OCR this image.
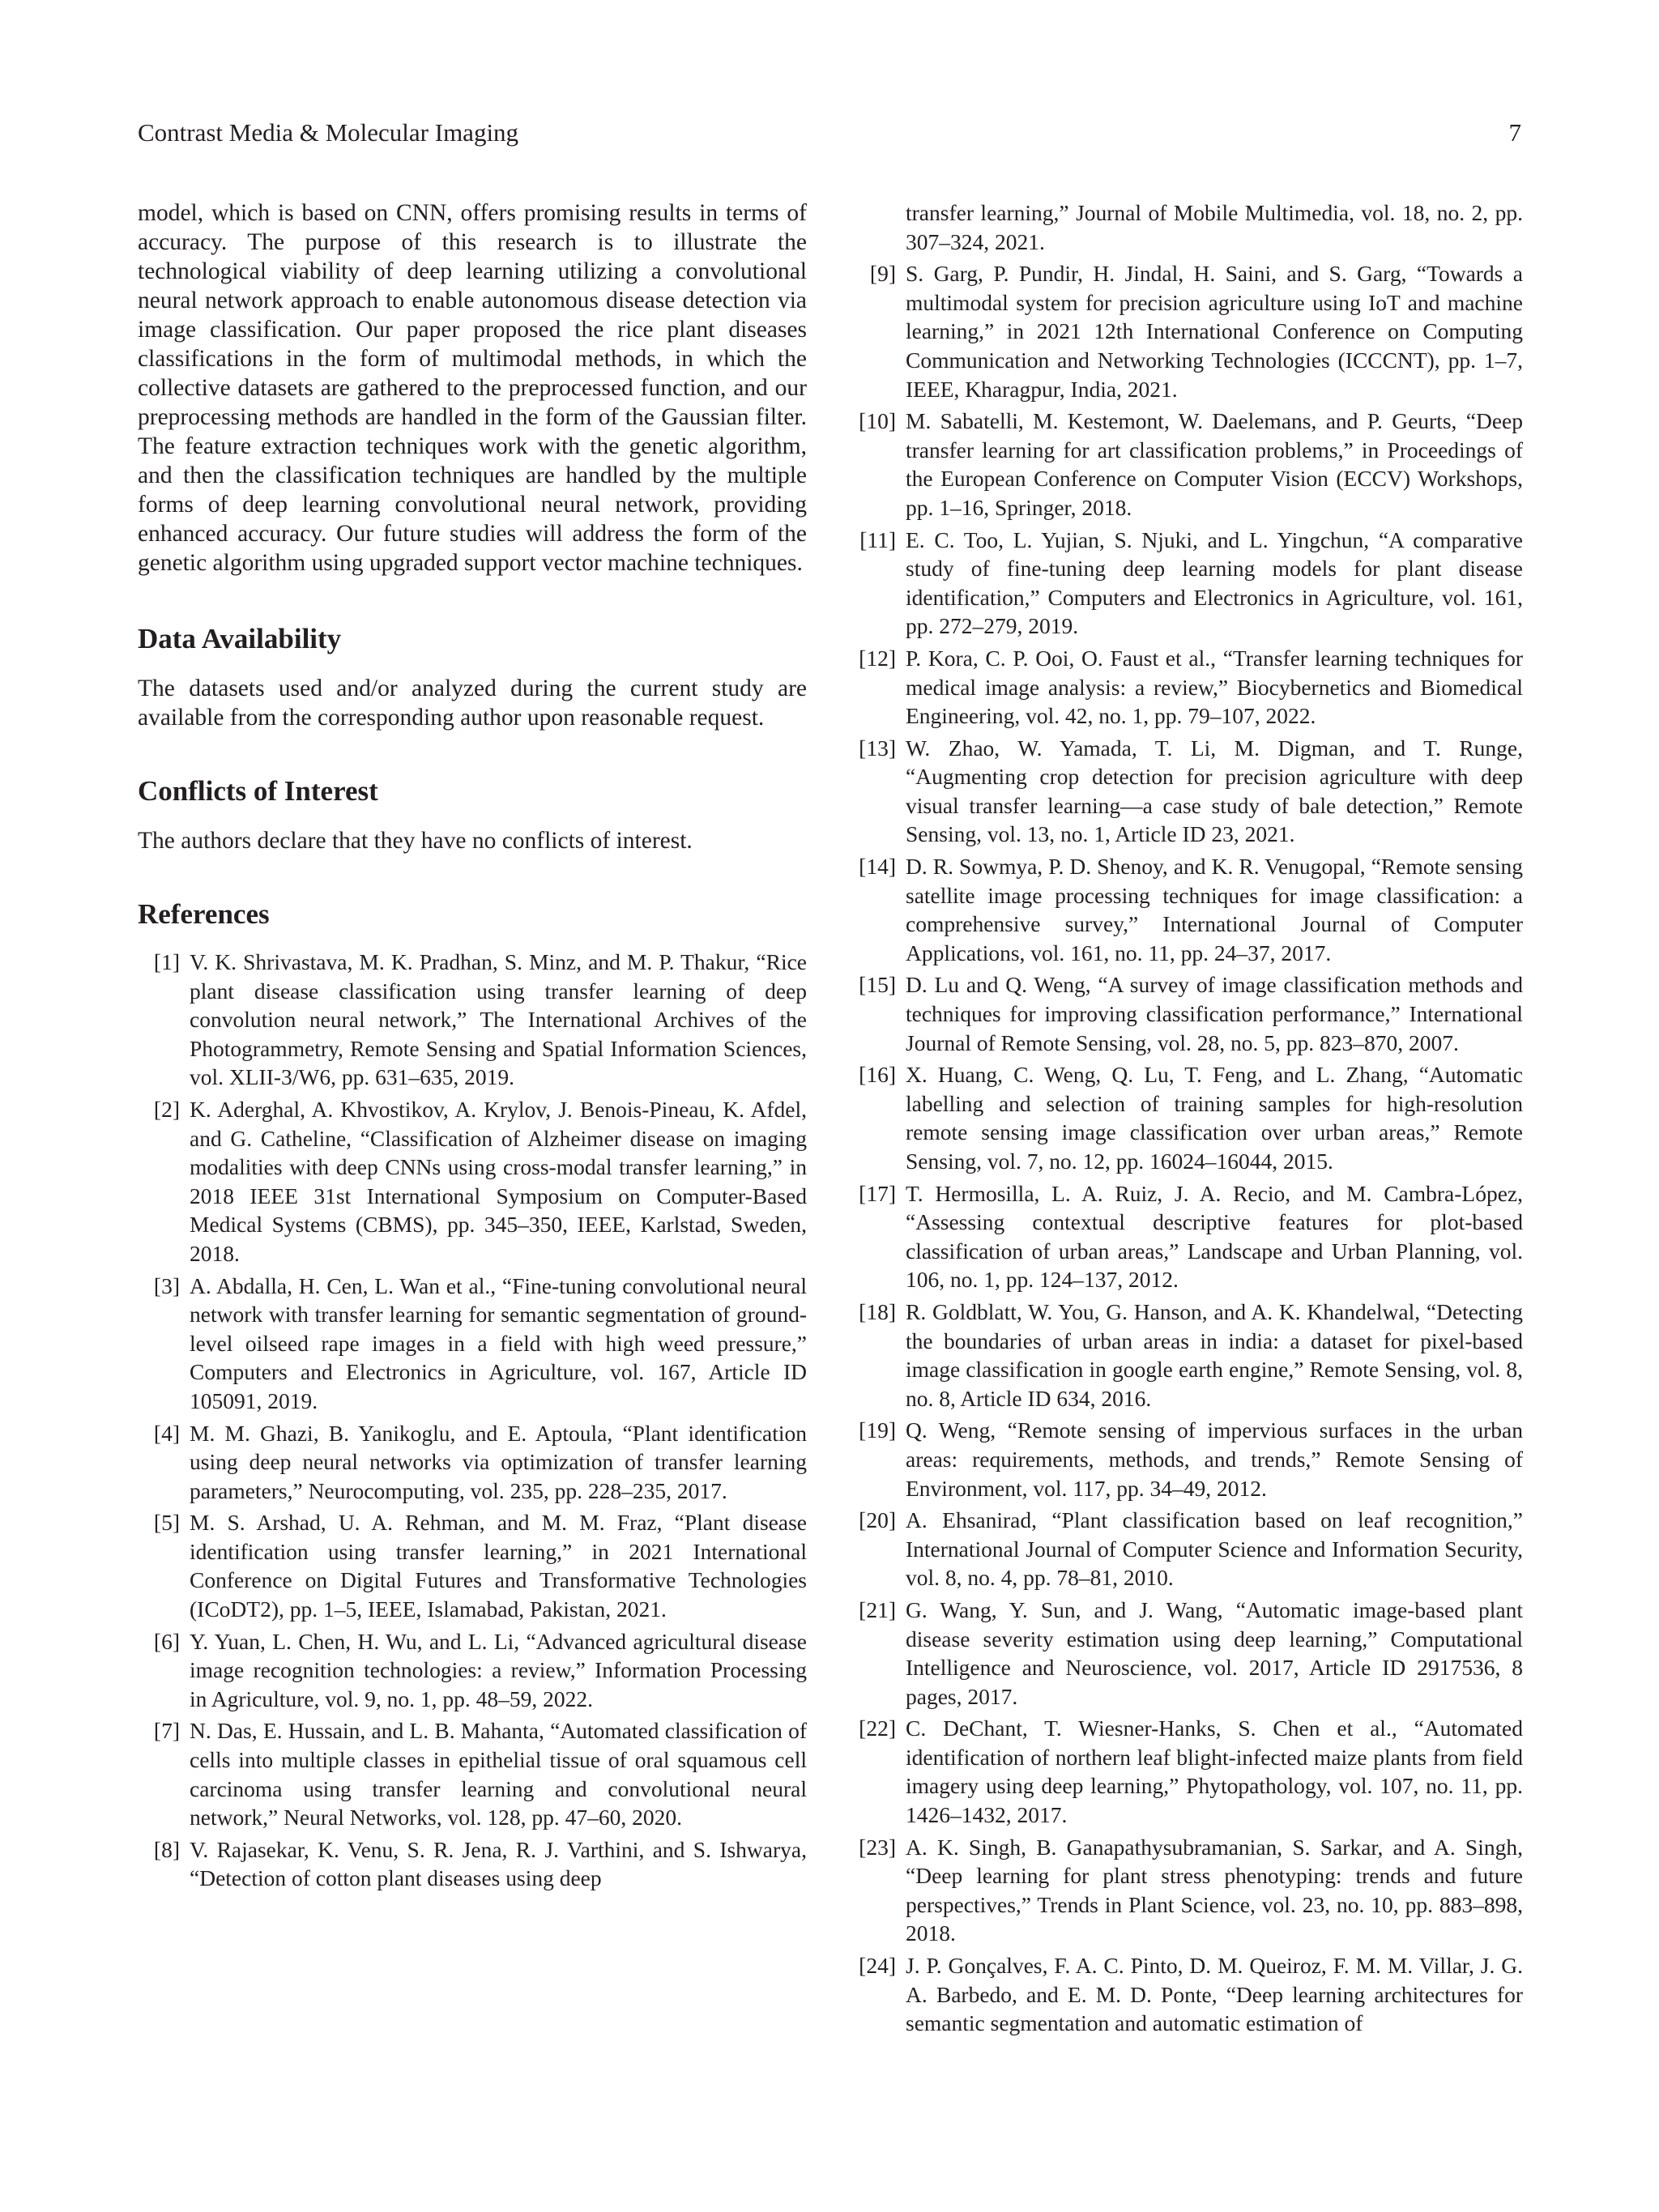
Contrast Media & Molecular Imaging	7

model, which is based on CNN, offers promising results in terms of accuracy. The purpose of this research is to illustrate the technological viability of deep learning utilizing a convolutional neural network approach to enable autonomous disease detection via image classification. Our paper proposed the rice plant diseases classifications in the form of multimodal methods, in which the collective datasets are gathered to the preprocessed function, and our preprocessing methods are handled in the form of the Gaussian filter. The feature extraction techniques work with the genetic algorithm, and then the classification techniques are handled by the multiple forms of deep learning convolutional neural network, providing enhanced accuracy. Our future studies will address the form of the genetic algorithm using upgraded support vector machine techniques.

Data Availability

The datasets used and/or analyzed during the current study are available from the corresponding author upon reasonable request.

Conflicts of Interest

The authors declare that they have no conflicts of interest.

References
[1] V. K. Shrivastava, M. K. Pradhan, S. Minz, and M. P. Thakur, “Rice plant disease classification using transfer learning of deep convolution neural network,” The International Archives of the Photogrammetry, Remote Sensing and Spatial Information Sciences, vol. XLII-3/W6, pp. 631–635, 2019.
[2] K. Aderghal, A. Khvostikov, A. Krylov, J. Benois-Pineau, K. Afdel, and G. Catheline, “Classification of Alzheimer disease on imaging modalities with deep CNNs using cross-modal transfer learning,” in 2018 IEEE 31st International Symposium on Computer-Based Medical Systems (CBMS), pp. 345–350, IEEE, Karlstad, Sweden, 2018.
[3] A. Abdalla, H. Cen, L. Wan et al., “Fine-tuning convolutional neural network with transfer learning for semantic segmentation of ground-level oilseed rape images in a field with high weed pressure,” Computers and Electronics in Agriculture, vol. 167, Article ID 105091, 2019.
[4] M. M. Ghazi, B. Yanikoglu, and E. Aptoula, “Plant identification using deep neural networks via optimization of transfer learning parameters,” Neurocomputing, vol. 235, pp. 228–235, 2017.
[5] M. S. Arshad, U. A. Rehman, and M. M. Fraz, “Plant disease identification using transfer learning,” in 2021 International Conference on Digital Futures and Transformative Technologies (ICoDT2), pp. 1–5, IEEE, Islamabad, Pakistan, 2021.
[6] Y. Yuan, L. Chen, H. Wu, and L. Li, “Advanced agricultural disease image recognition technologies: a review,” Information Processing in Agriculture, vol. 9, no. 1, pp. 48–59, 2022.
[7] N. Das, E. Hussain, and L. B. Mahanta, “Automated classification of cells into multiple classes in epithelial tissue of oral squamous cell carcinoma using transfer learning and convolutional neural network,” Neural Networks, vol. 128, pp. 47–60, 2020.
[8] V. Rajasekar, K. Venu, S. R. Jena, R. J. Varthini, and S. Ishwarya, “Detection of cotton plant diseases using deep
transfer learning,” Journal of Mobile Multimedia, vol. 18, no. 2, pp. 307–324, 2021.
[9] S. Garg, P. Pundir, H. Jindal, H. Saini, and S. Garg, “Towards a multimodal system for precision agriculture using IoT and machine learning,” in 2021 12th International Conference on Computing Communication and Networking Technologies (ICCCNT), pp. 1–7, IEEE, Kharagpur, India, 2021.
[10] M. Sabatelli, M. Kestemont, W. Daelemans, and P. Geurts, “Deep transfer learning for art classification problems,” in Proceedings of the European Conference on Computer Vision (ECCV) Workshops, pp. 1–16, Springer, 2018.
[11] E. C. Too, L. Yujian, S. Njuki, and L. Yingchun, “A comparative study of fine-tuning deep learning models for plant disease identification,” Computers and Electronics in Agriculture, vol. 161, pp. 272–279, 2019.
[12] P. Kora, C. P. Ooi, O. Faust et al., “Transfer learning techniques for medical image analysis: a review,” Biocybernetics and Biomedical Engineering, vol. 42, no. 1, pp. 79–107, 2022.
[13] W. Zhao, W. Yamada, T. Li, M. Digman, and T. Runge, “Augmenting crop detection for precision agriculture with deep visual transfer learning—a case study of bale detection,” Remote Sensing, vol. 13, no. 1, Article ID 23, 2021.
[14] D. R. Sowmya, P. D. Shenoy, and K. R. Venugopal, “Remote sensing satellite image processing techniques for image classification: a comprehensive survey,” International Journal of Computer Applications, vol. 161, no. 11, pp. 24–37, 2017.
[15] D. Lu and Q. Weng, “A survey of image classification methods and techniques for improving classification performance,” International Journal of Remote Sensing, vol. 28, no. 5, pp. 823–870, 2007.
[16] X. Huang, C. Weng, Q. Lu, T. Feng, and L. Zhang, “Automatic labelling and selection of training samples for high-resolution remote sensing image classification over urban areas,” Remote Sensing, vol. 7, no. 12, pp. 16024–16044, 2015.
[17] T. Hermosilla, L. A. Ruiz, J. A. Recio, and M. Cambra-López, “Assessing contextual descriptive features for plot-based classification of urban areas,” Landscape and Urban Planning, vol. 106, no. 1, pp. 124–137, 2012.
[18] R. Goldblatt, W. You, G. Hanson, and A. K. Khandelwal, “Detecting the boundaries of urban areas in india: a dataset for pixel-based image classification in google earth engine,” Remote Sensing, vol. 8, no. 8, Article ID 634, 2016.
[19] Q. Weng, “Remote sensing of impervious surfaces in the urban areas: requirements, methods, and trends,” Remote Sensing of Environment, vol. 117, pp. 34–49, 2012.
[20] A. Ehsanirad, “Plant classification based on leaf recognition,” International Journal of Computer Science and Information Security, vol. 8, no. 4, pp. 78–81, 2010.
[21] G. Wang, Y. Sun, and J. Wang, “Automatic image-based plant disease severity estimation using deep learning,” Computational Intelligence and Neuroscience, vol. 2017, Article ID 2917536, 8 pages, 2017.
[22] C. DeChant, T. Wiesner-Hanks, S. Chen et al., “Automated identification of northern leaf blight-infected maize plants from field imagery using deep learning,” Phytopathology, vol. 107, no. 11, pp. 1426–1432, 2017.
[23] A. K. Singh, B. Ganapathysubramanian, S. Sarkar, and A. Singh, “Deep learning for plant stress phenotyping: trends and future perspectives,” Trends in Plant Science, vol. 23, no. 10, pp. 883–898, 2018.
[24] J. P. Gonçalves, F. A. C. Pinto, D. M. Queiroz, F. M. M. Villar, J. G. A. Barbedo, and E. M. D. Ponte, “Deep learning architectures for semantic segmentation and automatic estimation of
